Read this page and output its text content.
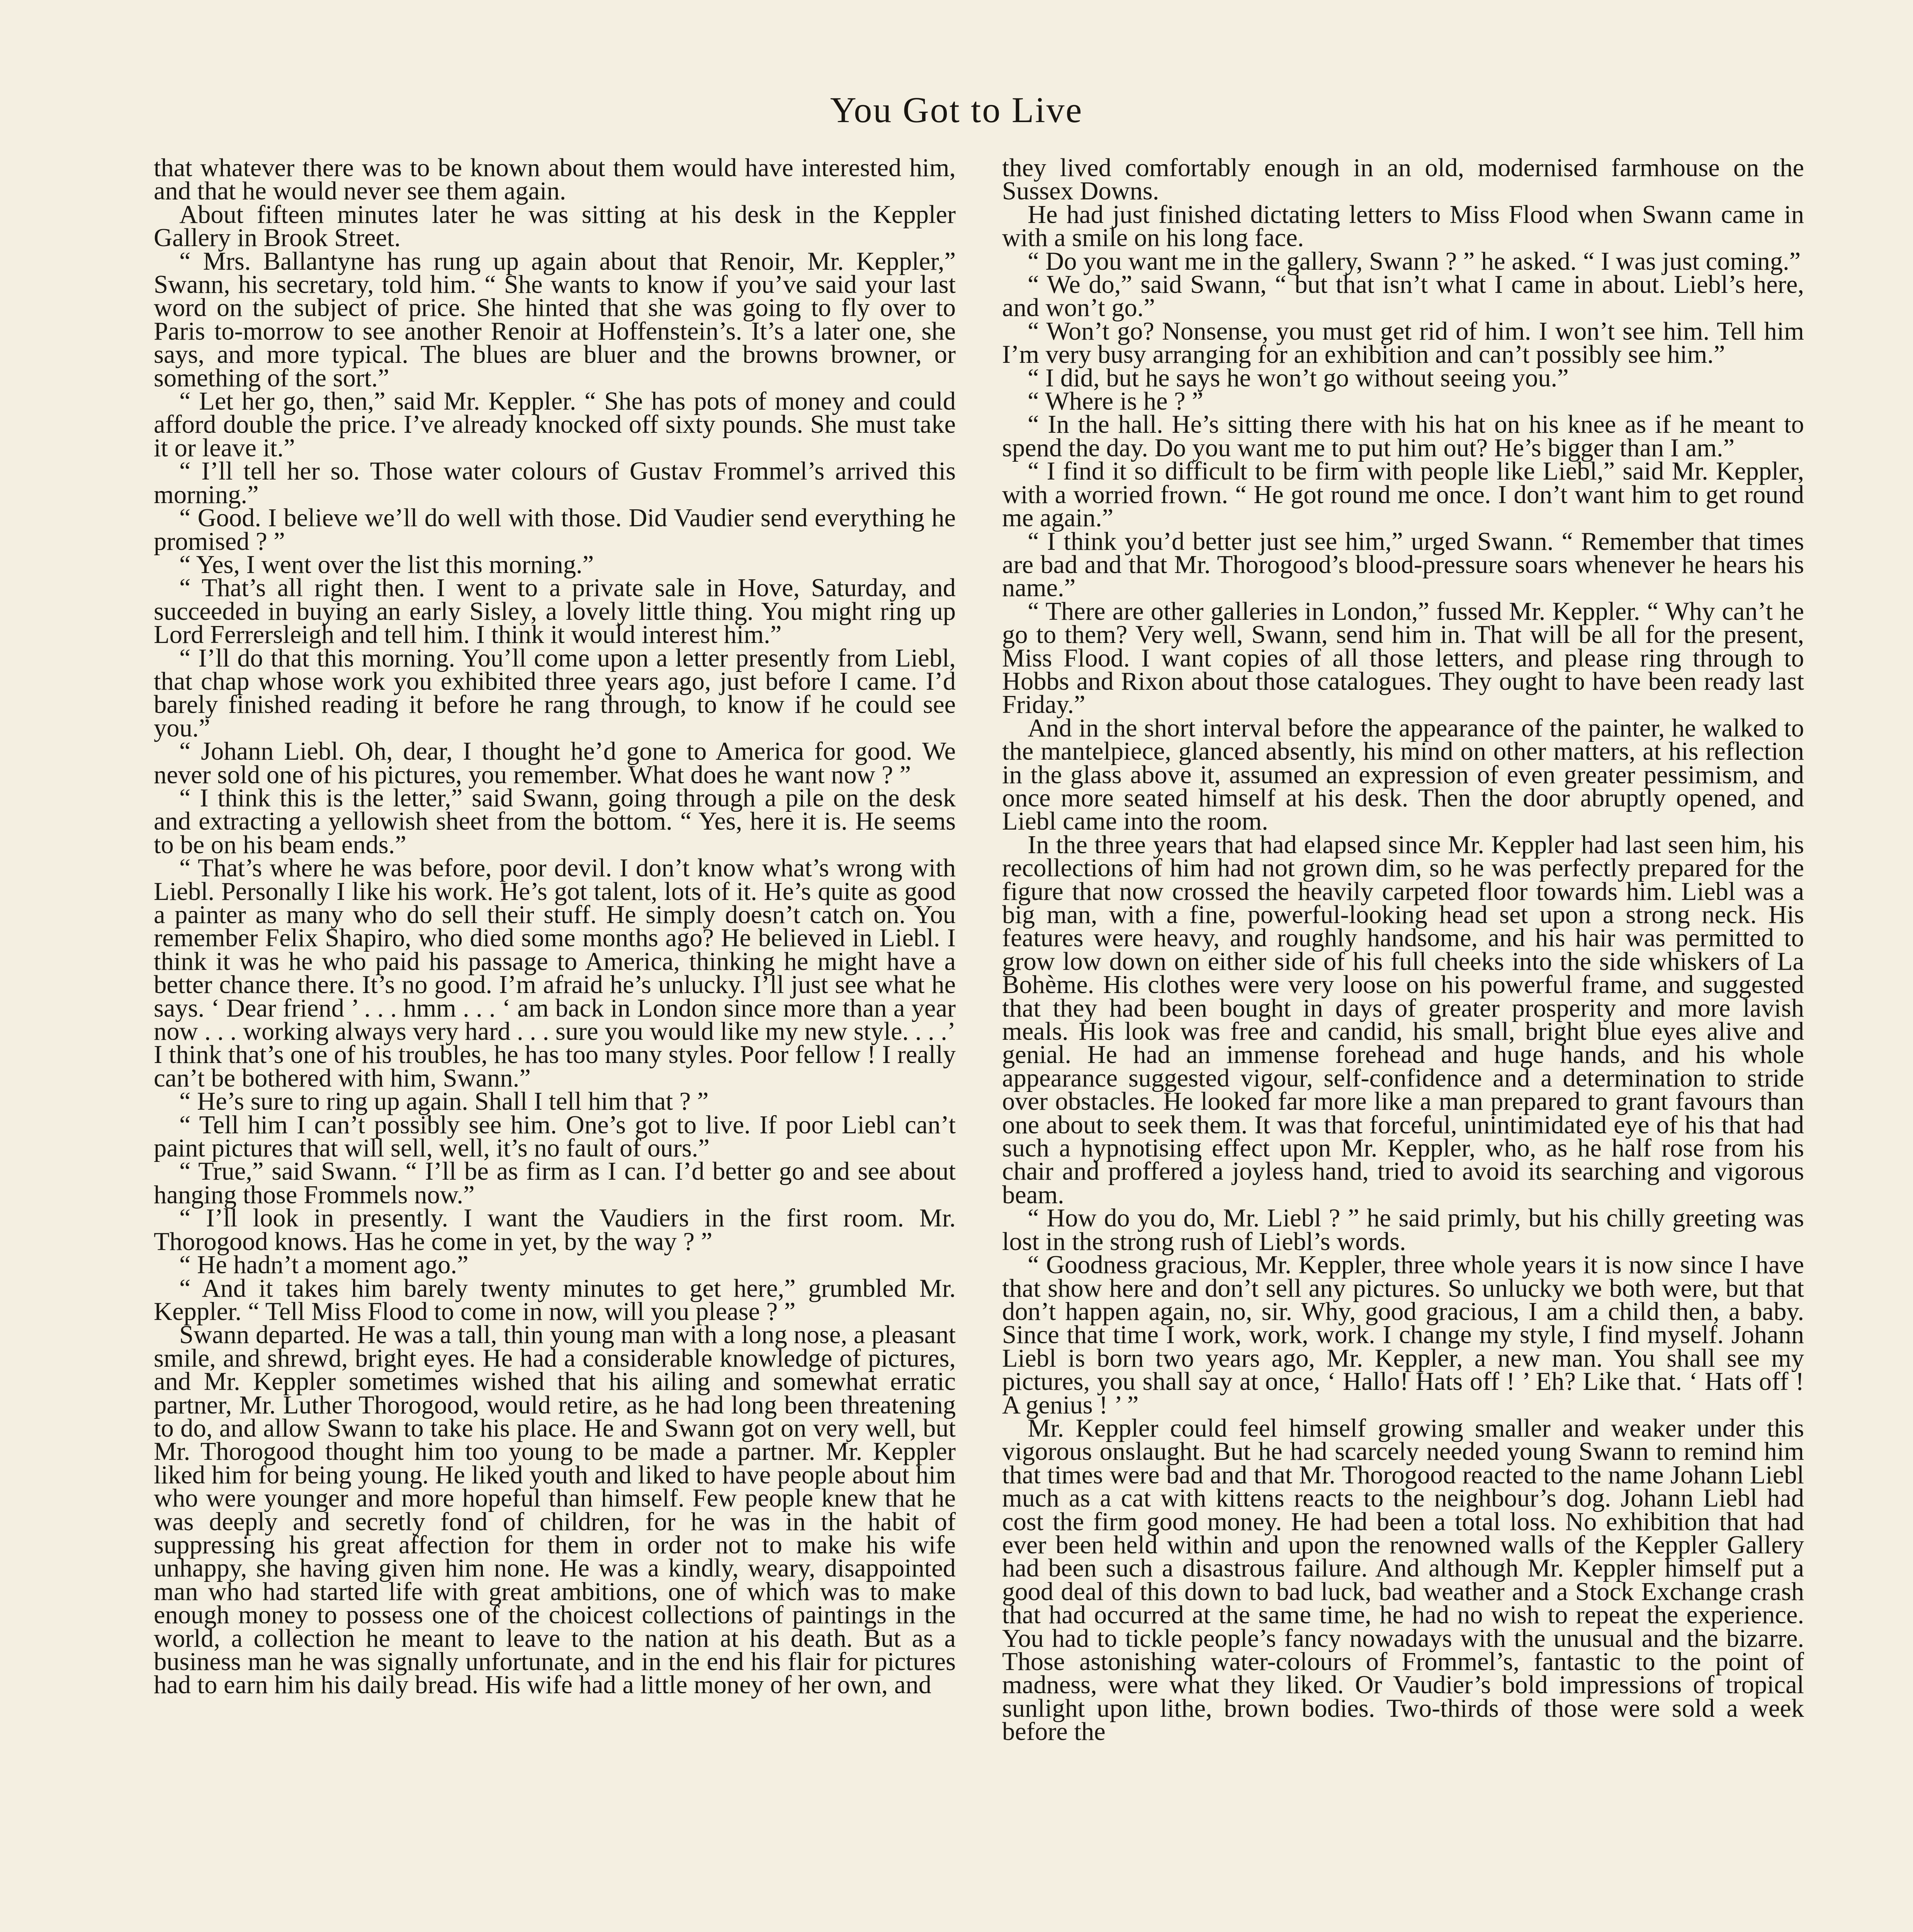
You Got to Live

that whatever there was to be known about them would have interested him, and that he would never see them again.

About fifteen minutes later he was sitting at his desk in the Keppler Gallery in Brook Street.

“ Mrs. Ballantyne has rung up again about that Renoir, Mr. Keppler,” Swann, his secretary, told him. “ She wants to know if you’ve said your last word on the subject of price. She hinted that she was going to fly over to Paris to-morrow to see another Renoir at Hoffenstein’s. It’s a later one, she says, and more typical. The blues are bluer and the browns browner, or something of the sort.”

“ Let her go, then,” said Mr. Keppler. “ She has pots of money and could afford double the price. I’ve already knocked off sixty pounds. She must take it or leave it.”

“ I’ll tell her so. Those water colours of Gustav Frommel’s arrived this morning.”

“ Good. I believe we’ll do well with those. Did Vaudier send everything he promised ? ”

“ Yes, I went over the list this morning.”

“ That’s all right then. I went to a private sale in Hove, Saturday, and succeeded in buying an early Sisley, a lovely little thing. You might ring up Lord Ferrersleigh and tell him. I think it would interest him.”

“ I’ll do that this morning. You’ll come upon a letter presently from Liebl, that chap whose work you exhibited three years ago, just before I came. I’d barely finished reading it before he rang through, to know if he could see you.”

“ Johann Liebl. Oh, dear, I thought he’d gone to America for good. We never sold one of his pictures, you remember. What does he want now ? ”

“ I think this is the letter,” said Swann, going through a pile on the desk and extracting a yellowish sheet from the bottom. “ Yes, here it is. He seems to be on his beam ends.”

“ That’s where he was before, poor devil. I don’t know what’s wrong with Liebl. Personally I like his work. He’s got talent, lots of it. He’s quite as good a painter as many who do sell their stuff. He simply doesn’t catch on. You remember Felix Shapiro, who died some months ago? He believed in Liebl. I think it was he who paid his passage to America, thinking he might have a better chance there. It’s no good. I’m afraid he’s unlucky. I’ll just see what he says. ‘ Dear friend ’ . . . hmm . . . ‘ am back in London since more than a year now . . . working always very hard . . . sure you would like my new style. . . .’ I think that’s one of his troubles, he has too many styles. Poor fellow ! I really can’t be bothered with him, Swann.”

“ He’s sure to ring up again. Shall I tell him that ? ”

“ Tell him I can’t possibly see him. One’s got to live. If poor Liebl can’t paint pictures that will sell, well, it’s no fault of ours.”

“ True,” said Swann. “ I’ll be as firm as I can. I’d better go and see about hanging those Frommels now.”

“ I’ll look in presently. I want the Vaudiers in the first room. Mr. Thorogood knows. Has he come in yet, by the way ? ”

“ He hadn’t a moment ago.”

“ And it takes him barely twenty minutes to get here,” grumbled Mr. Keppler. “ Tell Miss Flood to come in now, will you please ? ”

Swann departed. He was a tall, thin young man with a long nose, a pleasant smile, and shrewd, bright eyes. He had a considerable knowledge of pictures, and Mr. Keppler sometimes wished that his ailing and somewhat erratic partner, Mr. Luther Thorogood, would retire, as he had long been threatening to do, and allow Swann to take his place. He and Swann got on very well, but Mr. Thorogood thought him too young to be made a partner. Mr. Keppler liked him for being young. He liked youth and liked to have people about him who were younger and more hopeful than himself. Few people knew that he was deeply and secretly fond of children, for he was in the habit of suppressing his great affection for them in order not to make his wife unhappy, she having given him none. He was a kindly, weary, disappointed man who had started life with great ambitions, one of which was to make enough money to possess one of the choicest collections of paintings in the world, a collection he meant to leave to the nation at his death. But as a business man he was signally unfortunate, and in the end his flair for pictures had to earn him his daily bread. His wife had a little money of her own, and

they lived comfortably enough in an old, modernised farmhouse on the Sussex Downs.

He had just finished dictating letters to Miss Flood when Swann came in with a smile on his long face.

“ Do you want me in the gallery, Swann ? ” he asked. “ I was just coming.”

“ We do,” said Swann, “ but that isn’t what I came in about. Liebl’s here, and won’t go.”

“ Won’t go? Nonsense, you must get rid of him. I won’t see him. Tell him I’m very busy arranging for an exhibition and can’t possibly see him.”

“ I did, but he says he won’t go without seeing you.”

“ Where is he ? ”

“ In the hall. He’s sitting there with his hat on his knee as if he meant to spend the day. Do you want me to put him out? He’s bigger than I am.”

“ I find it so difficult to be firm with people like Liebl,” said Mr. Keppler, with a worried frown. “ He got round me once. I don’t want him to get round me again.”

“ I think you’d better just see him,” urged Swann. “ Remember that times are bad and that Mr. Thorogood’s blood-pressure soars whenever he hears his name.”

“ There are other galleries in London,” fussed Mr. Keppler. “ Why can’t he go to them? Very well, Swann, send him in. That will be all for the present, Miss Flood. I want copies of all those letters, and please ring through to Hobbs and Rixon about those catalogues. They ought to have been ready last Friday.”

And in the short interval before the appearance of the painter, he walked to the mantelpiece, glanced absently, his mind on other matters, at his reflection in the glass above it, assumed an expression of even greater pessimism, and once more seated himself at his desk. Then the door abruptly opened, and Liebl came into the room.

In the three years that had elapsed since Mr. Keppler had last seen him, his recollections of him had not grown dim, so he was perfectly prepared for the figure that now crossed the heavily carpeted floor towards him. Liebl was a big man, with a fine, powerful-looking head set upon a strong neck. His features were heavy, and roughly handsome, and his hair was permitted to grow low down on either side of his full cheeks into the side whiskers of La Bohème. His clothes were very loose on his powerful frame, and suggested that they had been bought in days of greater prosperity and more lavish meals. His look was free and candid, his small, bright blue eyes alive and genial. He had an immense forehead and huge hands, and his whole appearance suggested vigour, self-confidence and a determination to stride over obstacles. He looked far more like a man prepared to grant favours than one about to seek them. It was that forceful, unintimidated eye of his that had such a hypnotising effect upon Mr. Keppler, who, as he half rose from his chair and proffered a joyless hand, tried to avoid its searching and vigorous beam.

“ How do you do, Mr. Liebl ? ” he said primly, but his chilly greeting was lost in the strong rush of Liebl’s words.

“ Goodness gracious, Mr. Keppler, three whole years it is now since I have that show here and don’t sell any pictures. So unlucky we both were, but that don’t happen again, no, sir. Why, good gracious, I am a child then, a baby. Since that time I work, work, work. I change my style, I find myself. Johann Liebl is born two years ago, Mr. Keppler, a new man. You shall see my pictures, you shall say at once, ‘ Hallo! Hats off ! ’ Eh? Like that. ‘ Hats off ! A genius ! ’ ”

Mr. Keppler could feel himself growing smaller and weaker under this vigorous onslaught. But he had scarcely needed young Swann to remind him that times were bad and that Mr. Thorogood reacted to the name Johann Liebl much as a cat with kittens reacts to the neighbour’s dog. Johann Liebl had cost the firm good money. He had been a total loss. No exhibition that had ever been held within and upon the renowned walls of the Keppler Gallery had been such a disastrous failure. And although Mr. Keppler himself put a good deal of this down to bad luck, bad weather and a Stock Exchange crash that had occurred at the same time, he had no wish to repeat the experience. You had to tickle people’s fancy nowadays with the unusual and the bizarre. Those astonishing water-colours of Frommel’s, fantastic to the point of madness, were what they liked. Or Vaudier’s bold impressions of tropical sunlight upon lithe, brown bodies. Two-thirds of those were sold a week before the
